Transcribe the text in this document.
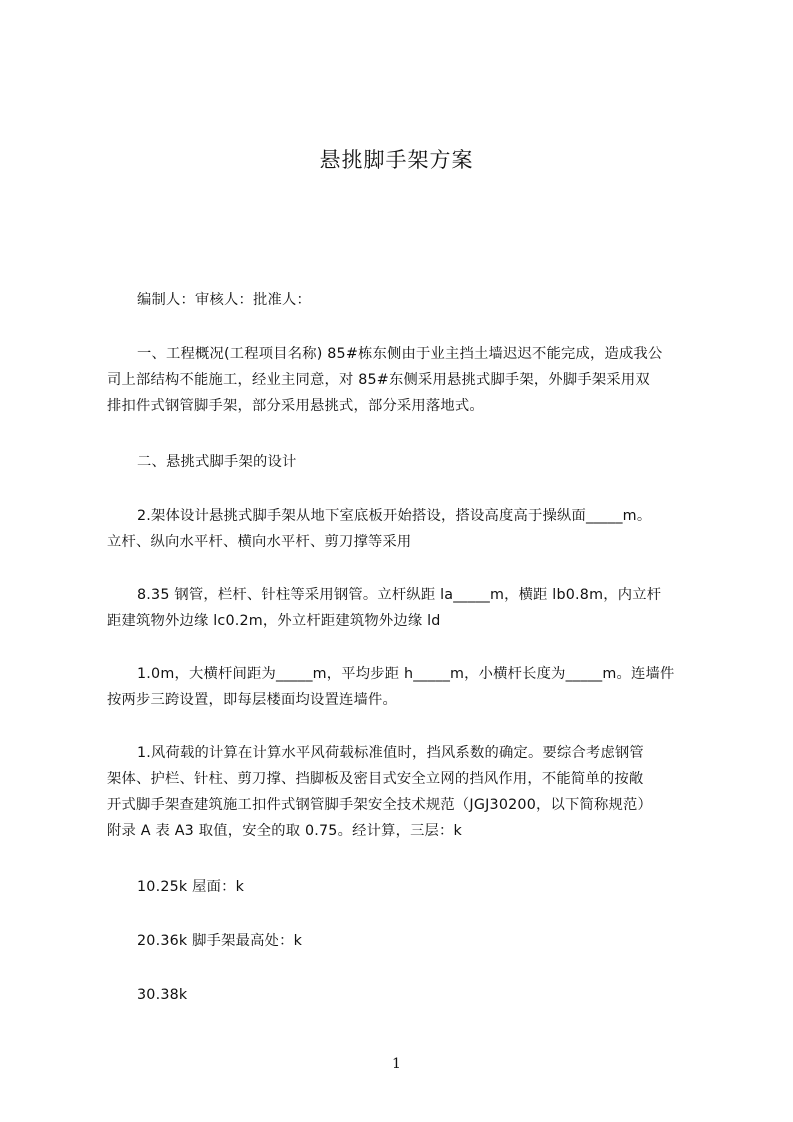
悬挑脚手架方案
编制人：审核人：批准人：
一、工程概况(工程项目名称) 85#栋东侧由于业主挡土墙迟迟不能完成，造成我公
司上部结构不能施工，经业主同意，对 85#东侧采用悬挑式脚手架，外脚手架采用双
排扣件式钢管脚手架，部分采用悬挑式，部分采用落地式。
二、悬挑式脚手架的设计
2.架体设计悬挑式脚手架从地下室底板开始搭设，搭设高度高于操纵面_____m。
立杆、纵向水平杆、横向水平杆、剪刀撑等采用
8.35 钢管，栏杆、针柱等采用钢管。立杆纵距 la_____m，横距 lb0.8m，内立杆
距建筑物外边缘 lc0.2m，外立杆距建筑物外边缘 ld
1.0m，大横杆间距为_____m，平均步距 h_____m，小横杆长度为_____m。连墙件
按两步三跨设置，即每层楼面均设置连墙件。
1.风荷载的计算在计算水平风荷载标准值时，挡风系数的确定。要综合考虑钢管
架体、护栏、针柱、剪刀撑、挡脚板及密目式安全立网的挡风作用，不能简单的按敞
开式脚手架查建筑施工扣件式钢管脚手架安全技术规范（JGJ30200，以下简称规范）
附录 A 表 A3 取值，安全的取 0.75。经计算，三层：k
10.25k 屋面：k
20.36k 脚手架最高处：k
30.38k
1
